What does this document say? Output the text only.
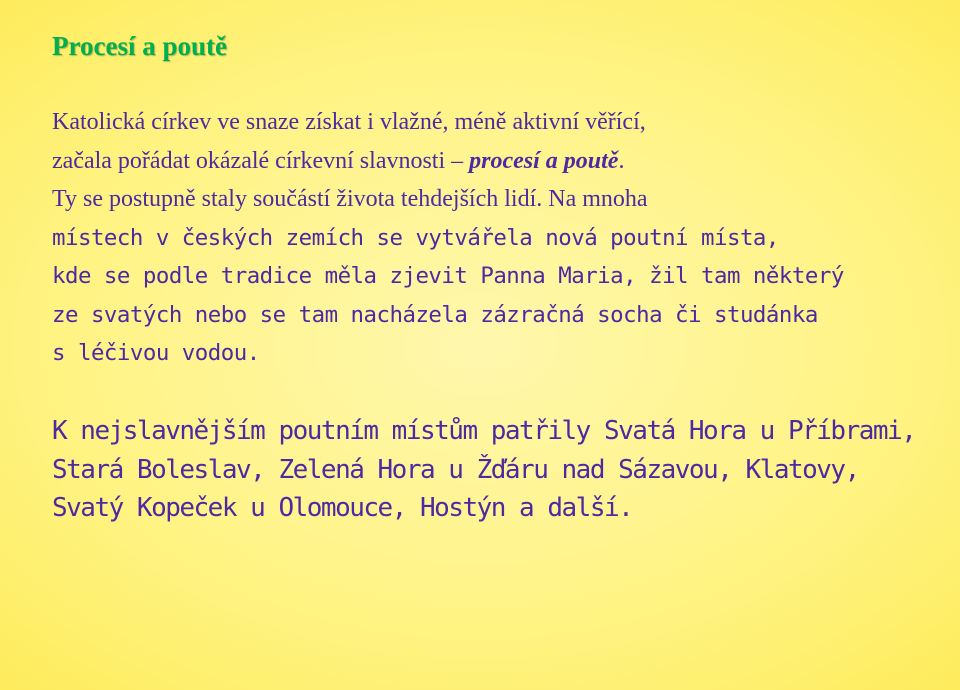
Procesí a poutě
Katolická církev ve snaze získat i vlažné, méně aktivní věřící,
začala pořádat okázalé církevní slavnosti – procesí a poutě.
Ty se postupně staly součástí života tehdejších lidí. Na mnoha
místech v českých zemích se vytvářela nová poutní místa,
kde se podle tradice měla zjevit Panna Maria, žil tam některý
ze svatých nebo se tam nacházela zázračná socha či studánka
s léčivou vodou.
K nejslavnějším poutním místům patřily Svatá Hora u Příbrami,
Stará Boleslav, Zelená Hora u Žďáru nad Sázavou, Klatovy,
Svatý Kopeček u Olomouce, Hostýn a další.
